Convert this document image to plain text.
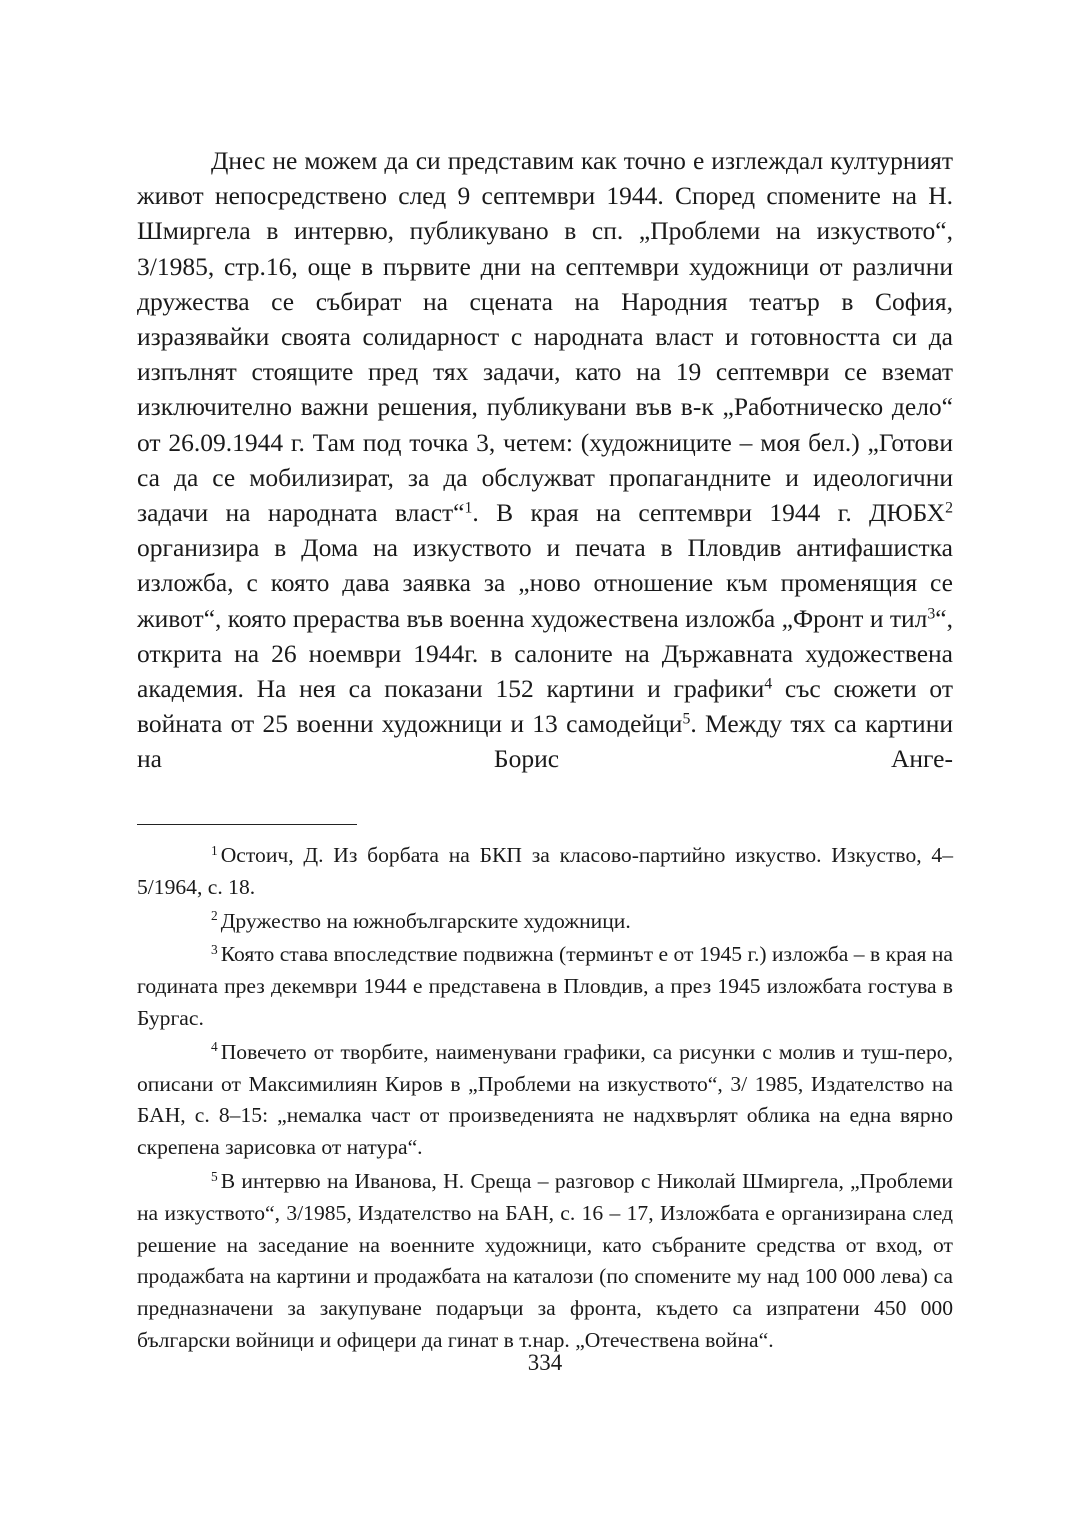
Днес не можем да си представим как точно е изглеждал културният живот непосредствено след 9 септември 1944. Според спомените на Н. Шмиргела в интервю, публикувано в сп. „Проблеми на изкуството“, 3/1985, стр.16, още в първите дни на септември художници от различни дружества се събират на сцената на Народния театър в София, изразявайки своята солидарност с народната власт и готовността си да изпълнят стоящите пред тях задачи, като на 19 септември се вземат изключително важни решения, публикувани във в-к „Работническо дело“ от 26.09.1944 г. Там под точка 3, четем: (художниците – моя бел.) „Готови са да се мобилизират, за да обслужват пропагандните и идеологични задачи на народната власт“$^1$. В края на септември 1944 г. ДЮБХ$^2$ организира в Дома на изкуството и печата в Пловдив антифашистка изложба, с която дава заявка за „ново отношение към променящия се живот“, която прераства във военна художествена изложба „Фронт и тил$^3$“, открита на 26 ноември 1944г. в салоните на Държавната художествена академия. На нея са показани 152 картини и графики$^4$ със сюжети от войната от 25 военни художници и 13 самодейци$^5$. Между тях са картини на Борис Анге-

$^1$ Остоич, Д. Из борбата на БКП за класово-партийно изкуство. Изкуство, 4–5/1964, с. 18.

$^2$ Дружество на южнобългарските художници.

$^3$ Която става впоследствие подвижна (терминът е от 1945 г.) изложба – в края на годината през декември 1944 е представена в Пловдив, а през 1945 изложбата гостува в Бургас.

$^4$ Повечето от творбите, наименувани графики, са рисунки с молив и туш-перо, описани от Максимилиян Киров в „Проблеми на изкуството“, 3/ 1985, Издателство на БАН, с. 8–15: „немалка част от произведенията не надхвърлят облика на една вярно скрепена зарисовка от натура“.

$^5$ В интервю на Иванова, Н. Среща – разговор с Николай Шмиргела, „Проблеми на изкуството“, 3/1985, Издателство на БАН, с. 16 – 17, Изложбата е организирана след решение на заседание на военните художници, като събраните средства от вход, от продажбата на картини и продажбата на каталози (по спомените му над 100 000 лева) са предназначени за закупуване подаръци за фронта, където са изпратени 450 000 български войници и офицери да гинат в т.нар. „Отечествена война“.

334
